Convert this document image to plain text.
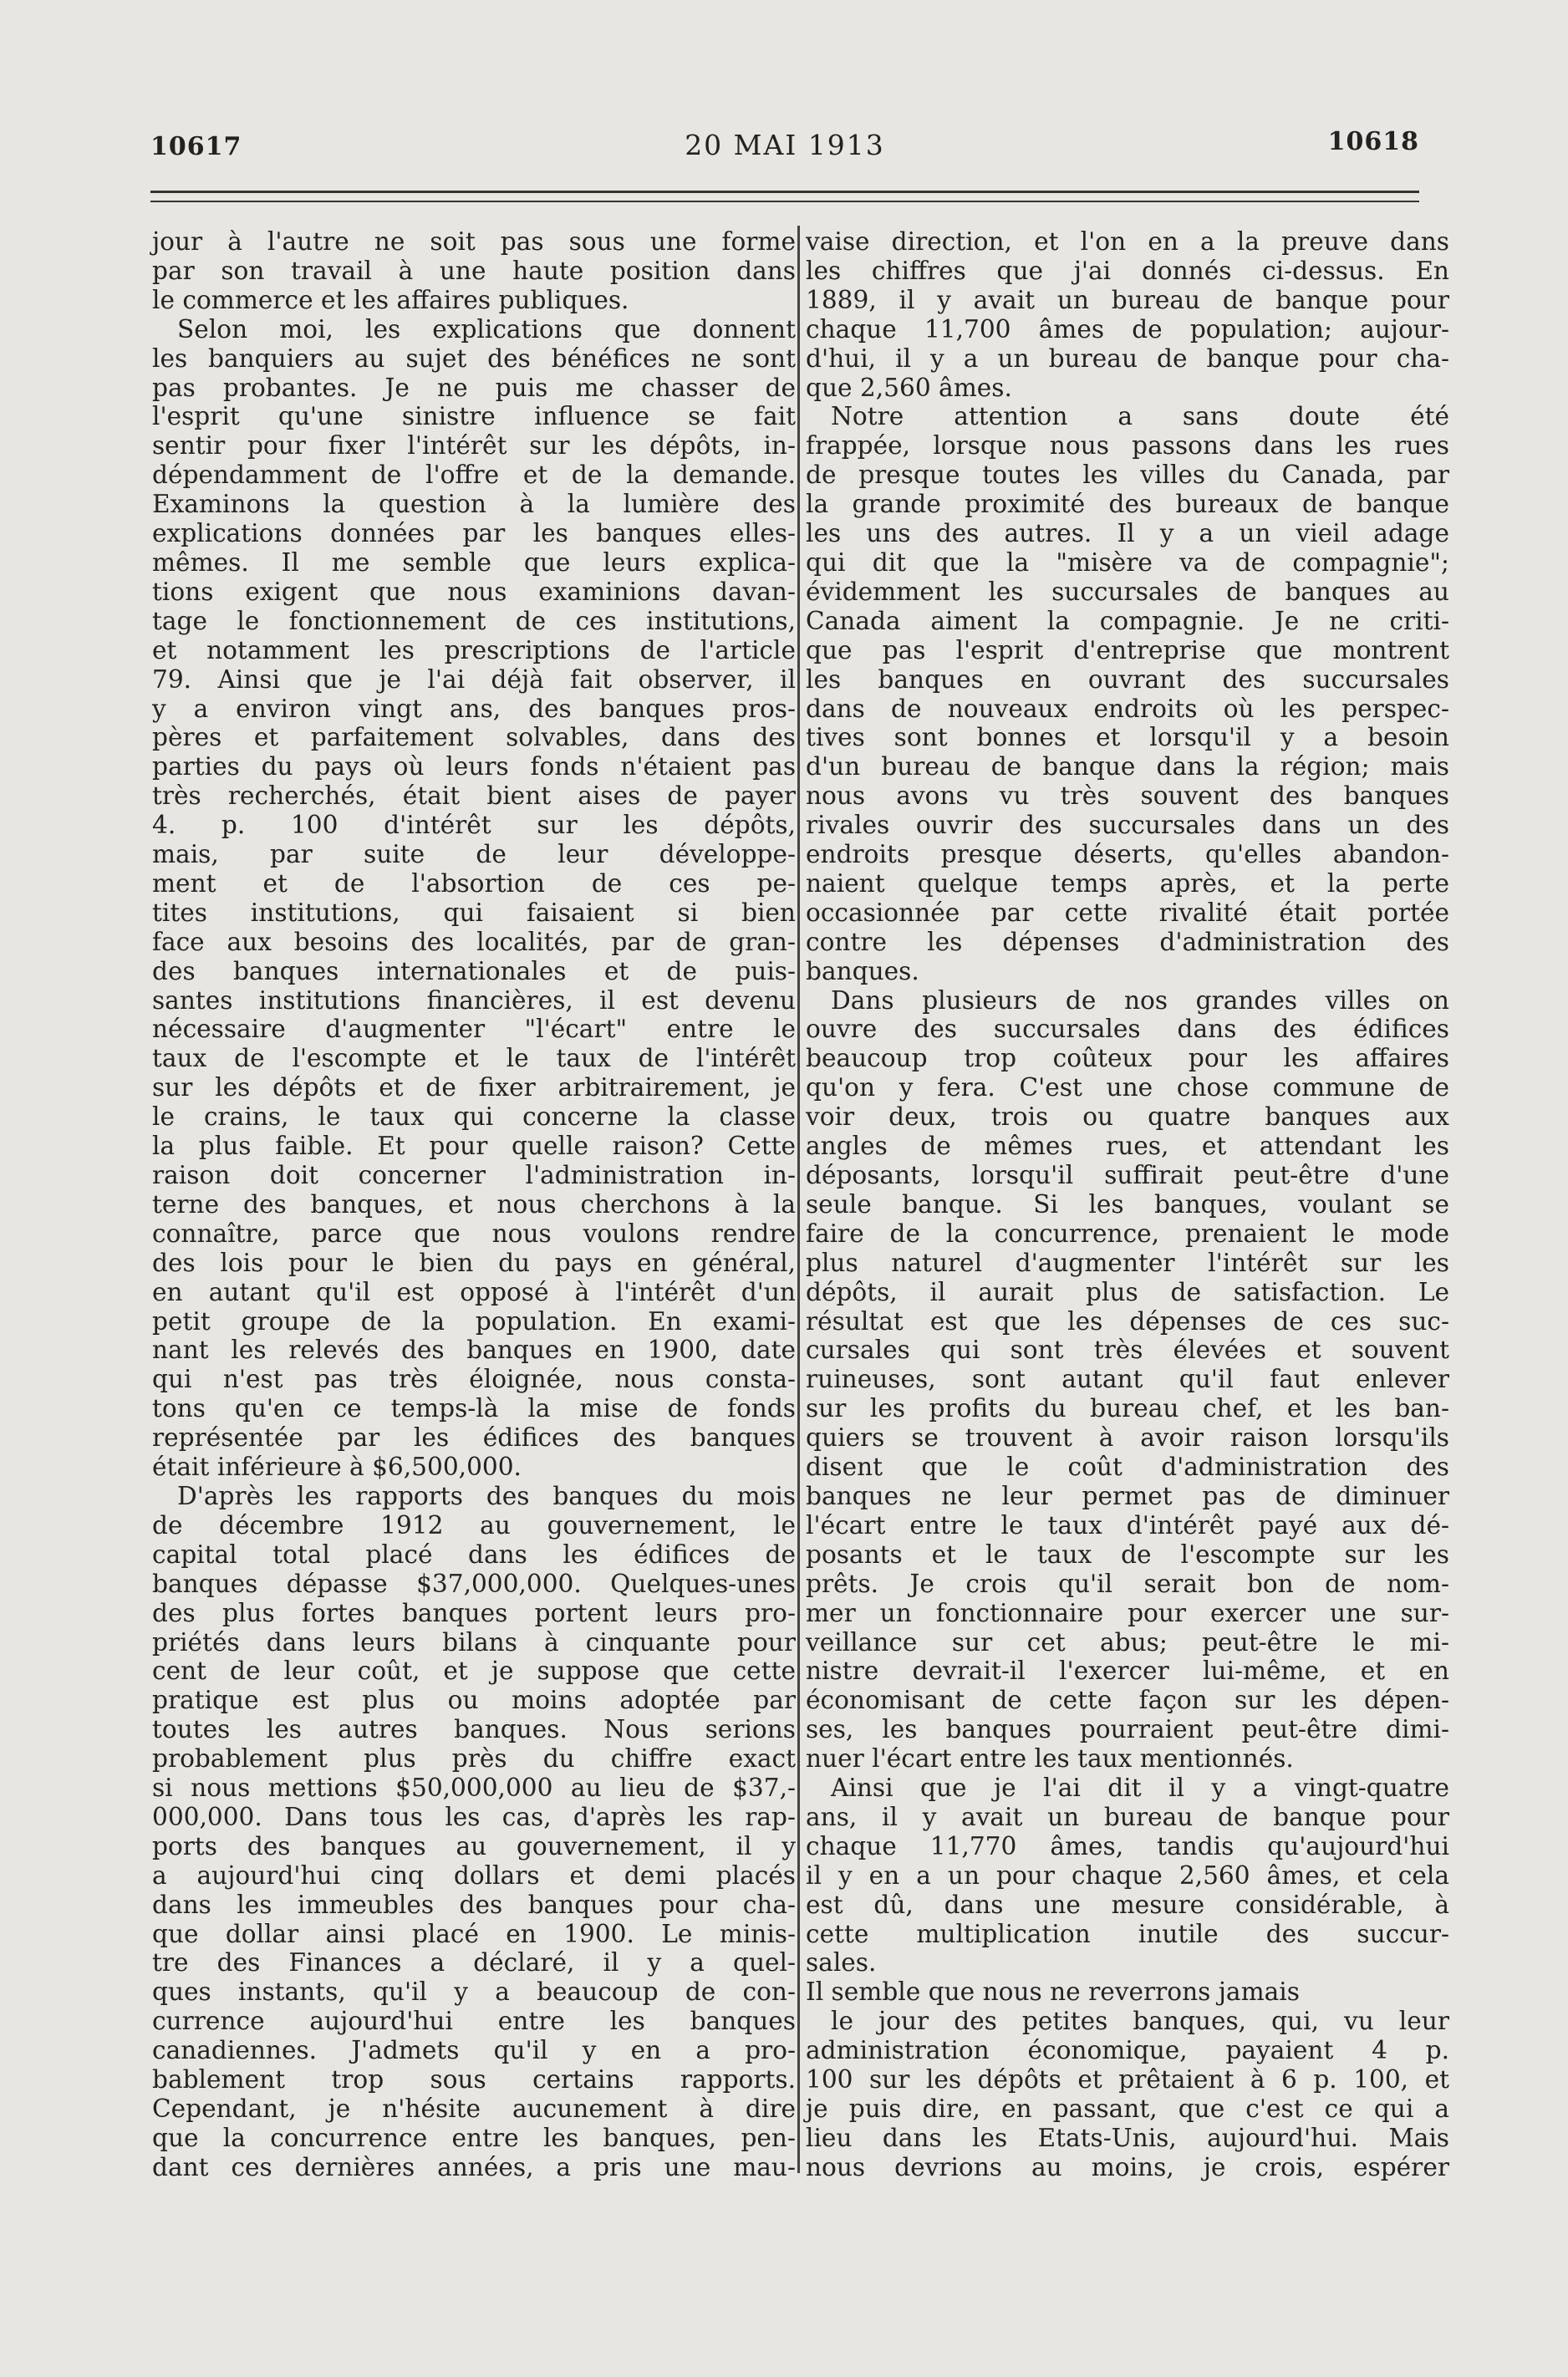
10617	20 MAI 1913	10618

jour à l'autre ne soit pas sous une forme
par son travail à une haute position dans
le commerce et les affaires publiques.
Selon moi, les explications que donnent
les banquiers au sujet des bénéfices ne sont
pas probantes. Je ne puis me chasser de
l'esprit qu'une sinistre influence se fait
sentir pour fixer l'intérêt sur les dépôts, in-
dépendamment de l'offre et de la demande.
Examinons la question à la lumière des
explications données par les banques elles-
mêmes. Il me semble que leurs explica-
tions exigent que nous examinions davan-
tage le fonctionnement de ces institutions,
et notamment les prescriptions de l'article
79. Ainsi que je l'ai déjà fait observer, il
y a environ vingt ans, des banques pros-
pères et parfaitement solvables, dans des
parties du pays où leurs fonds n'étaient pas
très recherchés, était bient aises de payer
4. p. 100 d'intérêt sur les dépôts,
mais, par suite de leur développe-
ment et de l'absortion de ces pe-
tites institutions, qui faisaient si bien
face aux besoins des localités, par de gran-
des banques internationales et de puis-
santes institutions financières, il est devenu
nécessaire d'augmenter "l'écart" entre le
taux de l'escompte et le taux de l'intérêt
sur les dépôts et de fixer arbitrairement, je
le crains, le taux qui concerne la classe
la plus faible. Et pour quelle raison? Cette
raison doit concerner l'administration in-
terne des banques, et nous cherchons à la
connaître, parce que nous voulons rendre
des lois pour le bien du pays en général,
en autant qu'il est opposé à l'intérêt d'un
petit groupe de la population. En exami-
nant les relevés des banques en 1900, date
qui n'est pas très éloignée, nous consta-
tons qu'en ce temps-là la mise de fonds
représentée par les édifices des banques
était inférieure à $6,500,000.
D'après les rapports des banques du mois
de décembre 1912 au gouvernement, le
capital total placé dans les édifices de
banques dépasse $37,000,000. Quelques-unes
des plus fortes banques portent leurs pro-
priétés dans leurs bilans à cinquante pour
cent de leur coût, et je suppose que cette
pratique est plus ou moins adoptée par
toutes les autres banques. Nous serions
probablement plus près du chiffre exact
si nous mettions $50,000,000 au lieu de $37,-
000,000. Dans tous les cas, d'après les rap-
ports des banques au gouvernement, il y
a aujourd'hui cinq dollars et demi placés
dans les immeubles des banques pour cha-
que dollar ainsi placé en 1900. Le minis-
tre des Finances a déclaré, il y a quel-
ques instants, qu'il y a beaucoup de con-
currence aujourd'hui entre les banques
canadiennes. J'admets qu'il y en a pro-
bablement trop sous certains rapports.
Cependant, je n'hésite aucunement à dire
que la concurrence entre les banques, pen-
dant ces dernières années, a pris une mau-

vaise direction, et l'on en a la preuve dans
les chiffres que j'ai donnés ci-dessus. En
1889, il y avait un bureau de banque pour
chaque 11,700 âmes de population; aujour-
d'hui, il y a un bureau de banque pour cha-
que 2,560 âmes.
Notre attention a sans doute été
frappée, lorsque nous passons dans les rues
de presque toutes les villes du Canada, par
la grande proximité des bureaux de banque
les uns des autres. Il y a un vieil adage
qui dit que la "misère va de compagnie";
évidemment les succursales de banques au
Canada aiment la compagnie. Je ne criti-
que pas l'esprit d'entreprise que montrent
les banques en ouvrant des succursales
dans de nouveaux endroits où les perspec-
tives sont bonnes et lorsqu'il y a besoin
d'un bureau de banque dans la région; mais
nous avons vu très souvent des banques
rivales ouvrir des succursales dans un des
endroits presque déserts, qu'elles abandon-
naient quelque temps après, et la perte
occasionnée par cette rivalité était portée
contre les dépenses d'administration des
banques.
Dans plusieurs de nos grandes villes on
ouvre des succursales dans des édifices
beaucoup trop coûteux pour les affaires
qu'on y fera. C'est une chose commune de
voir deux, trois ou quatre banques aux
angles de mêmes rues, et attendant les
déposants, lorsqu'il suffirait peut-être d'une
seule banque. Si les banques, voulant se
faire de la concurrence, prenaient le mode
plus naturel d'augmenter l'intérêt sur les
dépôts, il aurait plus de satisfaction. Le
résultat est que les dépenses de ces suc-
cursales qui sont très élevées et souvent
ruineuses, sont autant qu'il faut enlever
sur les profits du bureau chef, et les ban-
quiers se trouvent à avoir raison lorsqu'ils
disent que le coût d'administration des
banques ne leur permet pas de diminuer
l'écart entre le taux d'intérêt payé aux dé-
posants et le taux de l'escompte sur les
prêts. Je crois qu'il serait bon de nom-
mer un fonctionnaire pour exercer une sur-
veillance sur cet abus; peut-être le mi-
nistre devrait-il l'exercer lui-même, et en
économisant de cette façon sur les dépen-
ses, les banques pourraient peut-être dimi-
nuer l'écart entre les taux mentionnés.
Ainsi que je l'ai dit il y a vingt-quatre
ans, il y avait un bureau de banque pour
chaque 11,770 âmes, tandis qu'aujourd'hui
il y en a un pour chaque 2,560 âmes, et cela
est dû, dans une mesure considérable, à
cette multiplication inutile des succur-
sales.
Il semble que nous ne reverrons jamais
le jour des petites banques, qui, vu leur
administration économique, payaient 4 p.
100 sur les dépôts et prêtaient à 6 p. 100, et
je puis dire, en passant, que c'est ce qui a
lieu dans les Etats-Unis, aujourd'hui. Mais
nous devrions au moins, je crois, espérer
